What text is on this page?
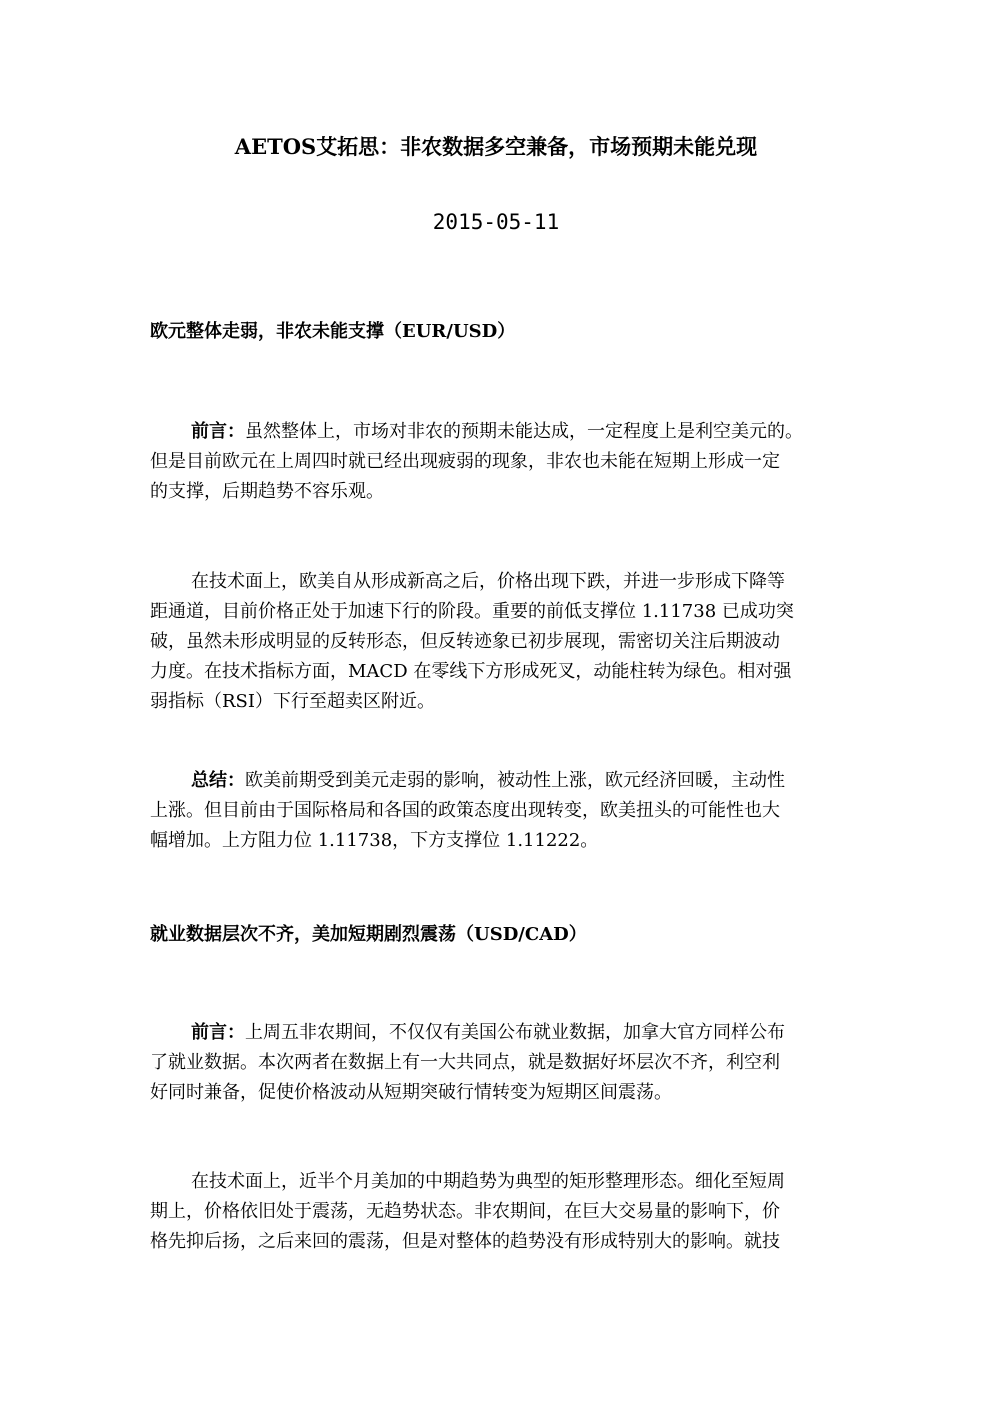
AETOS艾拓思：非农数据多空兼备，市场预期未能兑现
2015-05-11
欧元整体走弱，非农未能支撑（EUR/USD）
前言：虽然整体上，市场对非农的预期未能达成，一定程度上是利空美元的。
但是目前欧元在上周四时就已经出现疲弱的现象，非农也未能在短期上形成一定
的支撑，后期趋势不容乐观。
在技术面上，欧美自从形成新高之后，价格出现下跌，并进一步形成下降等
距通道，目前价格正处于加速下行的阶段。重要的前低支撑位 1.11738 已成功突
破，虽然未形成明显的反转形态，但反转迹象已初步展现，需密切关注后期波动
力度。在技术指标方面，MACD 在零线下方形成死叉，动能柱转为绿色。相对强
弱指标（RSI）下行至超卖区附近。
总结：欧美前期受到美元走弱的影响，被动性上涨，欧元经济回暖，主动性
上涨。但目前由于国际格局和各国的政策态度出现转变，欧美扭头的可能性也大
幅增加。上方阻力位 1.11738，下方支撑位 1.11222。
就业数据层次不齐，美加短期剧烈震荡（USD/CAD）
前言：上周五非农期间，不仅仅有美国公布就业数据，加拿大官方同样公布
了就业数据。本次两者在数据上有一大共同点，就是数据好坏层次不齐，利空利
好同时兼备，促使价格波动从短期突破行情转变为短期区间震荡。
在技术面上，近半个月美加的中期趋势为典型的矩形整理形态。细化至短周
期上，价格依旧处于震荡，无趋势状态。非农期间，在巨大交易量的影响下，价
格先抑后扬，之后来回的震荡，但是对整体的趋势没有形成特别大的影响。就技
